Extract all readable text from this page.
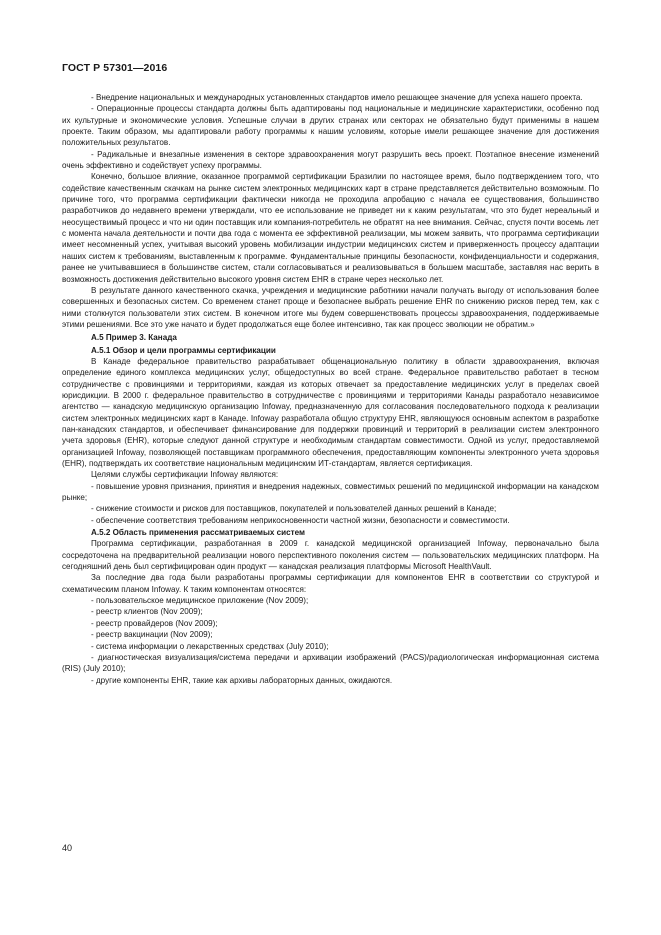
ГОСТ Р 57301—2016

- Внедрение национальных и международных установленных стандартов имело решающее значение для успеха нашего проекта.

- Операционные процессы стандарта должны быть адаптированы под национальные и медицинские характеристики, особенно под их культурные и экономические условия. Успешные случаи в других странах или секторах не обязательно будут применимы в нашем проекте. Таким образом, мы адаптировали работу программы к нашим условиям, которые имели решающее значение для достижения положительных результатов.

- Радикальные и внезапные изменения в секторе здравоохранения могут разрушить весь проект. Поэтапное внесение изменений очень эффективно и содействует успеху программы.

Конечно, большое влияние, оказанное программой сертификации Бразилии по настоящее время, было подтверждением того, что содействие качественным скачкам на рынке систем электронных медицинских карт в стране представляется действительно возможным. По причине того, что программа сертификации фактически никогда не проходила апробацию с начала ее существования, большинство разработчиков до недавнего времени утверждали, что ее использование не приведет ни к каким результатам, что это будет нереальный и неосуществимый процесс и что ни один поставщик или компания-потребитель не обратят на нее внимания. Сейчас, спустя почти восемь лет с момента начала деятельности и почти два года с момента ее эффективной реализации, мы можем заявить, что программа сертификации имеет несомненный успех, учитывая высокий уровень мобилизации индустрии медицинских систем и приверженность процессу адаптации наших систем к требованиям, выставленным к программе. Фундаментальные принципы безопасности, конфиденциальности и содержания, ранее не учитывавшиеся в большинстве систем, стали согласовываться и реализовываться в большем масштабе, заставляя нас верить в возможность достижения действительно высокого уровня систем EHR в стране через несколько лет.

В результате данного качественного скачка, учреждения и медицинские работники начали получать выгоду от использования более совершенных и безопасных систем. Со временем станет проще и безопаснее выбрать решение EHR по снижению рисков перед тем, как с ними столкнутся пользователи этих систем. В конечном итоге мы будем совершенствовать процессы здравоохранения, поддерживаемые этими решениями. Все это уже начато и будет продолжаться еще более интенсивно, так как процесс эволюции не обратим.»

А.5 Пример 3. Канада

А.5.1 Обзор и цели программы сертификации

В Канаде федеральное правительство разрабатывает общенациональную политику в области здравоохранения, включая определение единого комплекса медицинских услуг, общедоступных во всей стране. Федеральное правительство работает в тесном сотрудничестве с провинциями и территориями, каждая из которых отвечает за предоставление медицинских услуг в пределах своей юрисдикции. В 2000 г. федеральное правительство в сотрудничестве с провинциями и территориями Канады разработало независимое агентство — канадскую медицинскую организацию Infoway, предназначенную для согласования последовательного подхода к реализации систем электронных медицинских карт в Канаде. Infoway разработала общую структуру EHR, являющуюся основным аспектом в разработке пан-канадских стандартов, и обеспечивает финансирование для поддержки провинций и территорий в реализации систем электронного учета здоровья (EHR), которые следуют данной структуре и необходимым стандартам совместимости. Одной из услуг, предоставляемой организацией Infoway, позволяющей поставщикам программного обеспечения, предоставляющим компоненты электронного учета здоровья (EHR), подтверждать их соответствие национальным медицинским ИТ-стандартам, является сертификация.

Целями службы сертификации Infoway являются:

- повышение уровня признания, принятия и внедрения надежных, совместимых решений по медицинской информации на канадском рынке;

- снижение стоимости и рисков для поставщиков, покупателей и пользователей данных решений в Канаде;

- обеспечение соответствия требованиям неприкосновенности частной жизни, безопасности и совместимости.

А.5.2 Область применения рассматриваемых систем

Программа сертификации, разработанная в 2009 г. канадской медицинской организацией Infoway, первоначально была сосредоточена на предварительной реализации нового перспективного поколения систем — пользовательских медицинских платформ. На сегодняшний день был сертифицирован один продукт — канадская реализация платформы Microsoft HealthVault.

За последние два года были разработаны программы сертификации для компонентов EHR в соответствии со структурой и схематическим планом Infoway. К таким компонентам относятся:

- пользовательское медицинское приложение (Nov 2009);

- реестр клиентов (Nov 2009);

- реестр провайдеров (Nov 2009);

- реестр вакцинации (Nov 2009);

- система информации о лекарственных средствах (July 2010);

- диагностическая визуализация/система передачи и архивации изображений (PACS)/радиологическая информационная система (RIS) (July 2010);

- другие компоненты EHR, такие как архивы лабораторных данных, ожидаются.

40
